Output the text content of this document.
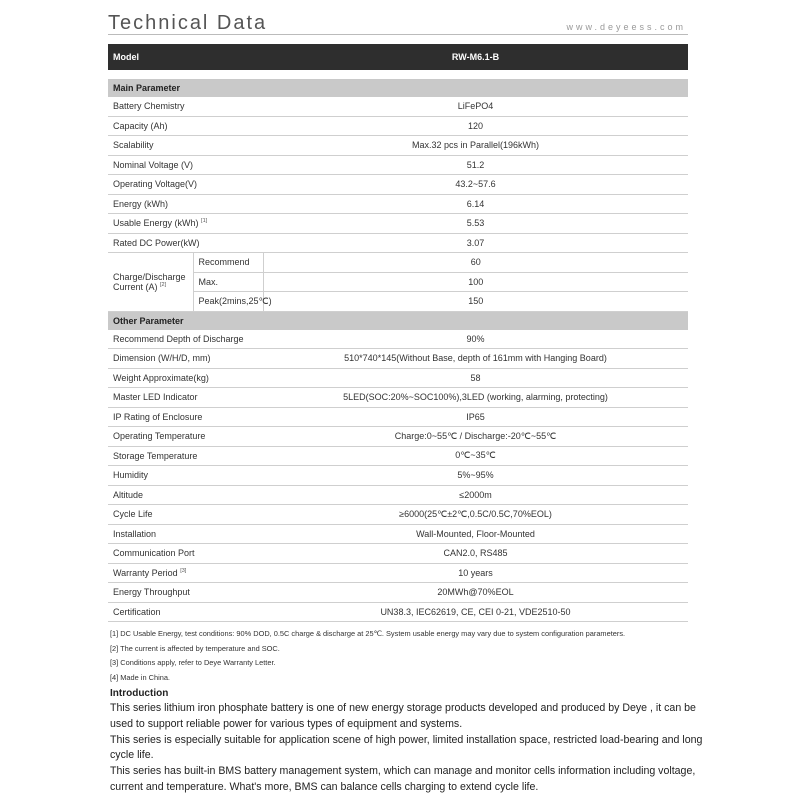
Technical Data	www.deyeess.com
Model		RW-M6.1-B

Main Parameter		
Battery Chemistry		LiFePO4
Capacity (Ah)		120
Scalability		Max.32 pcs in Parallel(196kWh)
Nominal Voltage (V)		51.2
Operating Voltage(V)		43.2~57.6
Energy (kWh)		6.14
Usable Energy (kWh) [1]		5.53
Rated DC Power(kW)		3.07
Charge/Discharge Current (A) [2]	Recommend	60
	Max.	100
	Peak(2mins,25℃)	150
Other Parameter		
Recommend Depth of Discharge		90%
Dimension (W/H/D, mm)		510*740*145(Without Base, depth of 161mm with Hanging Board)
Weight Approximate(kg)		58
Master LED Indicator		5LED(SOC:20%~SOC100%),3LED (working, alarming, protecting)
IP Rating of Enclosure		IP65
Operating Temperature		Charge:0~55℃ / Discharge:-20℃~55℃
Storage Temperature		0℃~35℃
Humidity		5%~95%
Altitude		≤2000m
Cycle Life		≥6000(25℃±2℃,0.5C/0.5C,70%EOL)
Installation		Wall-Mounted, Floor-Mounted
Communication Port		CAN2.0, RS485
Warranty Period [3]		10 years
Energy Throughput		20MWh@70%EOL
Certification		UN38.3, IEC62619, CE, CEI 0-21, VDE2510-50
[1] DC Usable Energy, test conditions: 90% DOD, 0.5C charge & discharge at 25℃. System usable energy may vary due to system configuration parameters.
[2] The current is affected by temperature and SOC.
[3] Conditions apply, refer to Deye Warranty Letter.
[4] Made in China.
Introduction

This series lithium iron phosphate battery is one of new energy storage products developed and produced by Deye , it can be used to support reliable power for various types of equipment and systems.

This series is especially suitable for application scene of high power, limited installation space, restricted load-bearing and long cycle life.

This series has built-in BMS battery management system, which can manage and monitor cells information including voltage, current and temperature. What's more, BMS can balance cells charging to extend cycle life.
